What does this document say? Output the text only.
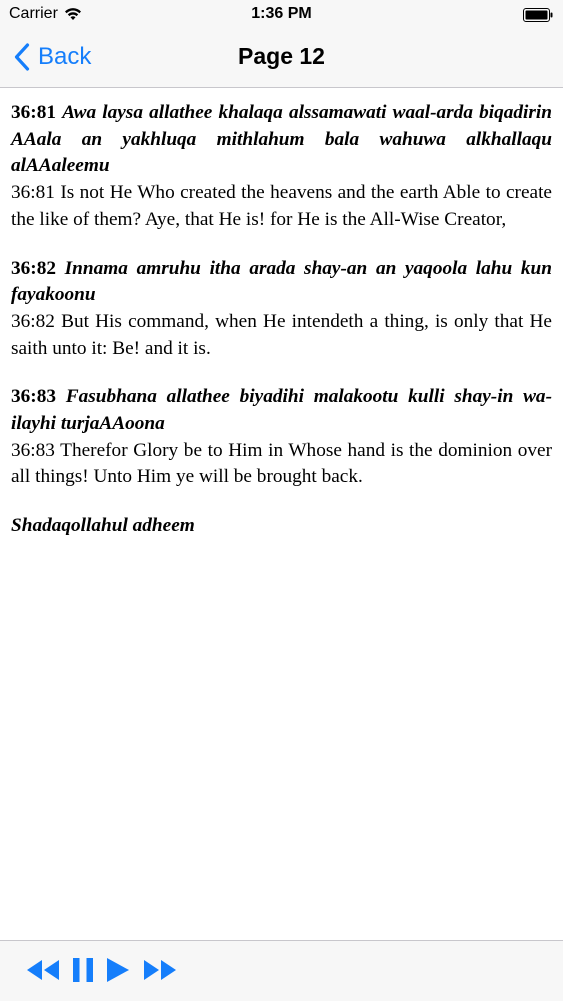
Carrier	1:36 PM
Back	Page 12

36:81 Awa laysa allathee khalaqa alssamawati waal-arda biqadirin AAala an yakhluqa mithlahum bala wahuwa alkhallaqu alAAaleemu
36:81 Is not He Who created the heavens and the earth Able to create the like of them? Aye, that He is! for He is the All-Wise Creator,

36:82 Innama amruhu itha arada shay-an an yaqoola lahu kun fayakoonu
36:82 But His command, when He intendeth a thing, is only that He saith unto it: Be! and it is.

36:83 Fasubhana allathee biyadihi malakootu kulli shay-in wa-ilayhi turjaAAoona
36:83 Therefor Glory be to Him in Whose hand is the dominion over all things! Unto Him ye will be brought back.

Shadaqollahul adheem
